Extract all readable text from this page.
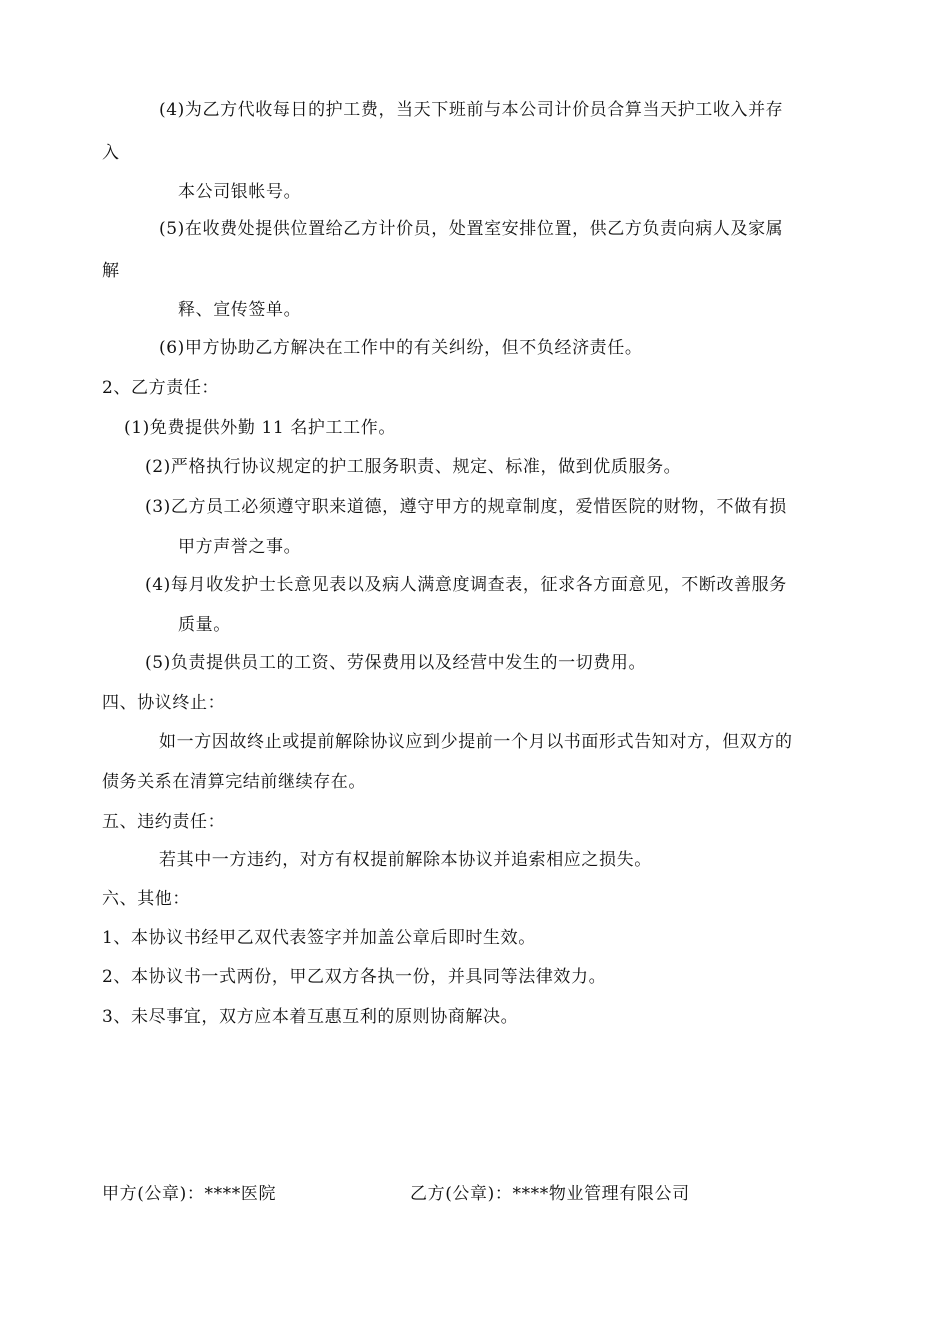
(4)为乙方代收每日的护工费，当天下班前与本公司计价员合算当天护工收入并存
入
本公司银帐号。
(5)在收费处提供位置给乙方计价员，处置室安排位置，供乙方负责向病人及家属
解
释、宣传签单。
(6)甲方协助乙方解决在工作中的有关纠纷，但不负经济责任。
2、乙方责任：
(1)免费提供外勤 11 名护工工作。
(2)严格执行协议规定的护工服务职责、规定、标准，做到优质服务。
(3)乙方员工必须遵守职来道德，遵守甲方的规章制度，爱惜医院的财物，不做有损
甲方声誉之事。
(4)每月收发护士长意见表以及病人满意度调查表，征求各方面意见，不断改善服务
质量。
(5)负责提供员工的工资、劳保费用以及经营中发生的一切费用。
四、协议终止：
如一方因故终止或提前解除协议应到少提前一个月以书面形式告知对方，但双方的
债务关系在清算完结前继续存在。
五、违约责任：
若其中一方违约，对方有权提前解除本协议并追索相应之损失。
六、其他：
1、本协议书经甲乙双代表签字并加盖公章后即时生效。
2、本协议书一式两份，甲乙双方各执一份，并具同等法律效力。
3、未尽事宜，双方应本着互惠互利的原则协商解决。
甲方(公章)：****医院	乙方(公章)：****物业管理有限公司
